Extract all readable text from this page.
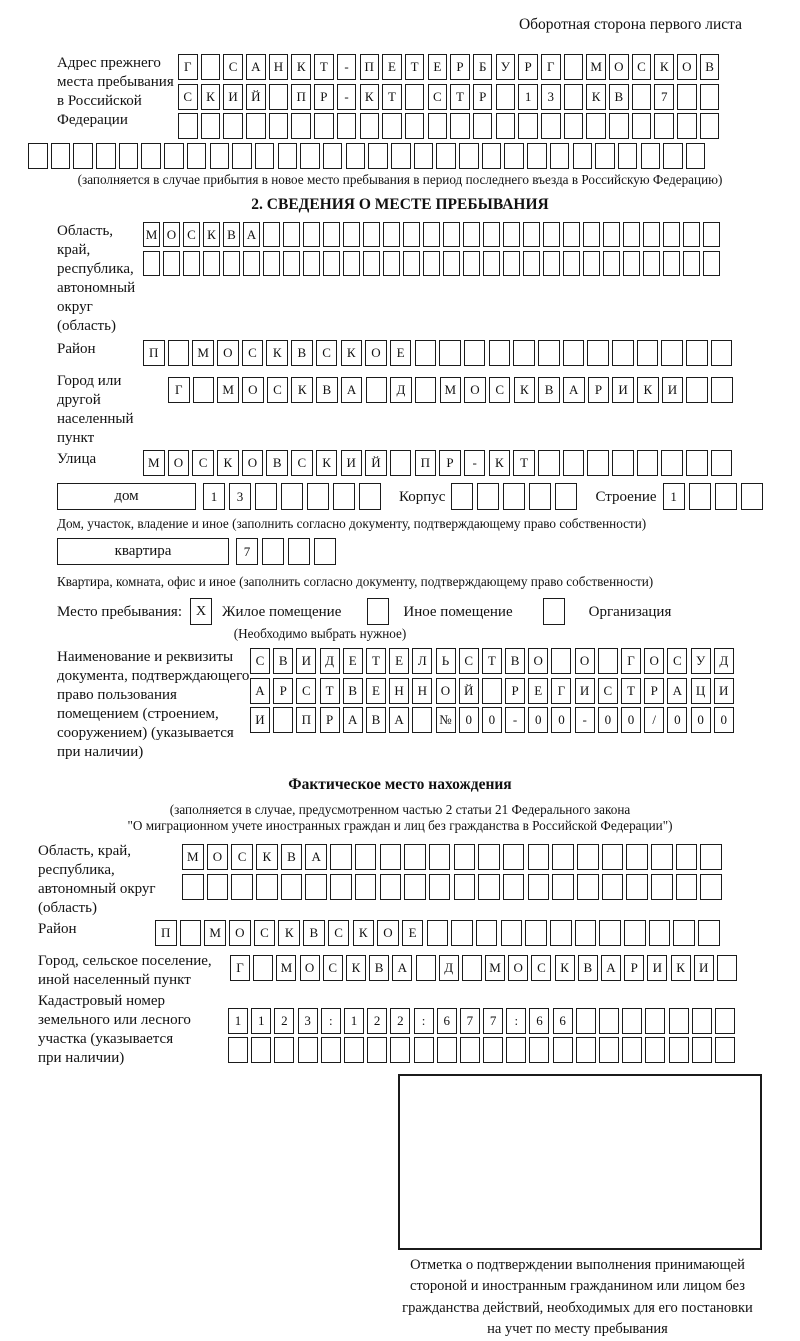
Оборотная сторона первого листа
Адрес прежнего
места пребывания
в Российской
Федерации
Г	С	А	Н	К	Т	-	П	Е	Т	Е	Р	Б	У	Р	Г	М О	С	К	О	В
С	К	И	Й	П	Р	-	К	Т	С	Т	Р	1	3	К	В	7
(заполняется в случае прибытия в новое место пребывания в период последнего въезда в Российскую Федерацию)
2. СВЕДЕНИЯ О МЕСТЕ ПРЕБЫВАНИЯ
Область, край,
республика,
автономный
округ (область)
М О С К В А
Район	П	М	О	С	К	В	С	К	О	Е
Город или другой
населенный пункт
Г	М	О	С	К	В	А	Д	М	О	С	К	В	А	Р	И	К	И
Улица	М	О	С	К	О	В	С	К	И	Й	П	Р	-	К	Т
дом	1	3	Корпус	Строение	1
Дом, участок, владение и иное (заполнить согласно документу, подтверждающему право собственности)
квартира	7
Квартира, комната, офис и иное (заполнить согласно документу, подтверждающему право собственности)
Место пребывания: X	Жилое помещение	Иное помещение	Организация
(Необходимо выбрать нужное)
Наименование и реквизиты
документа, подтверждающего
право пользования
помещением (строением,
сооружением) (указывается
при наличии)
С	В	И	Д	Е	Т	Е	Л	Ь	С	Т	В	О	О	Г	О	С	У	Д
А	Р	С	Т	В	Е	Н	Н	О	Й	Р	Е	Г	И	С	Т	Р	А	Ц	И
И	П	Р	А	В	А	№	0	0	-	0	0	-	0	0	/	0	0	0
Фактическое место нахождения
(заполняется в случае, предусмотренном частью 2 статьи 21 Федерального закона
"О миграционном учете иностранных граждан и лиц без гражданства в Российской Федерации")
Область, край,
республика,
автономный округ
(область)
М	О	С	К	В	А
Район	П	М	О	С	К	В	С	К	О	Е
Город, сельское поселение,
иной населенный пункт
Г	М О	С	К	В	А	Д	М О	С	К	В	А	Р	И	К	И
Кадастровый номер
земельного или лесного
участка (указывается
при наличии)
1	1	2	3	:	1	2	2	:	6	7	7	:	6	6
Отметка о подтверждении выполнения принимающей
стороной и иностранным гражданином или лицом без
гражданства действий, необходимых для его постановки
на учет по месту пребывания
